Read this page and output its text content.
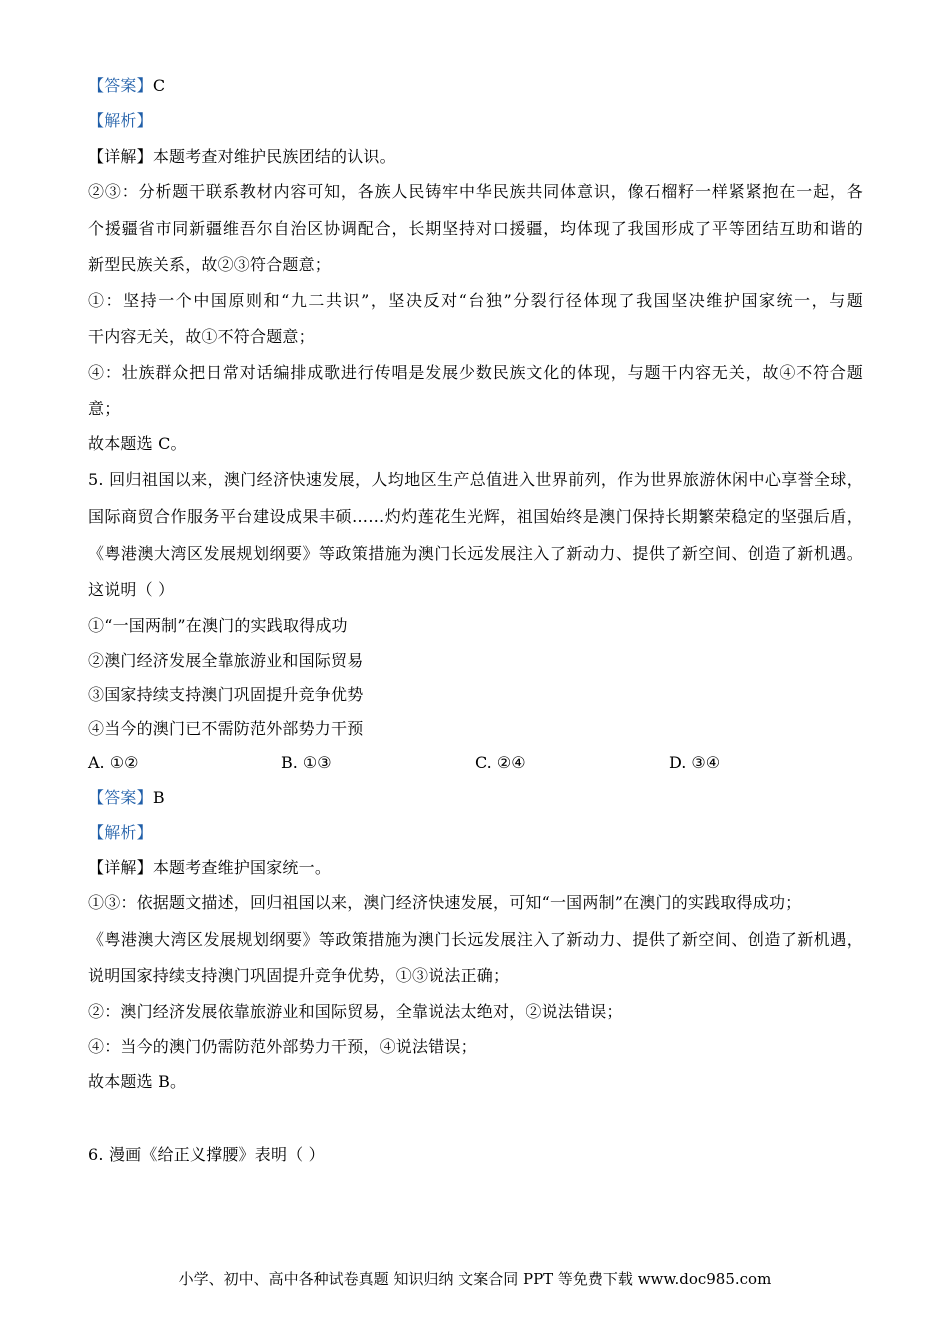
【答案】C
【解析】
【详解】本题考查对维护民族团结的认识。
②③：分析题干联系教材内容可知，各族人民铸牢中华民族共同体意识，像石榴籽一样紧紧抱在一起，各
个援疆省市同新疆维吾尔自治区协调配合，长期坚持对口援疆，均体现了我国形成了平等团结互助和谐的
新型民族关系，故②③符合题意；
①：坚持一个中国原则和“九二共识”，坚决反对“台独”分裂行径体现了我国坚决维护国家统一，与题
干内容无关，故①不符合题意；
④：壮族群众把日常对话编排成歌进行传唱是发展少数民族文化的体现，与题干内容无关，故④不符合题
意；
故本题选 C。
5. 回归祖国以来，澳门经济快速发展，人均地区生产总值进入世界前列，作为世界旅游休闲中心享誉全球，
国际商贸合作服务平台建设成果丰硕……灼灼莲花生光辉，祖国始终是澳门保持长期繁荣稳定的坚强后盾，
《粤港澳大湾区发展规划纲要》等政策措施为澳门长远发展注入了新动力、提供了新空间、创造了新机遇。
这说明（ ）
①“一国两制”在澳门的实践取得成功
②澳门经济发展全靠旅游业和国际贸易
③国家持续支持澳门巩固提升竞争优势
④当今的澳门已不需防范外部势力干预
A. ①②	B. ①③	C. ②④	D. ③④
【答案】B
【解析】
【详解】本题考查维护国家统一。
①③：依据题文描述，回归祖国以来，澳门经济快速发展，可知“一国两制”在澳门的实践取得成功；
《粤港澳大湾区发展规划纲要》等政策措施为澳门长远发展注入了新动力、提供了新空间、创造了新机遇，
说明国家持续支持澳门巩固提升竞争优势，①③说法正确；
②：澳门经济发展依靠旅游业和国际贸易，全靠说法太绝对，②说法错误；
④：当今的澳门仍需防范外部势力干预，④说法错误；
故本题选 B。
6. 漫画《给正义撑腰》表明（ ）
小学、初中、高中各种试卷真题 知识归纳 文案合同 PPT 等免费下载 www.doc985.com
